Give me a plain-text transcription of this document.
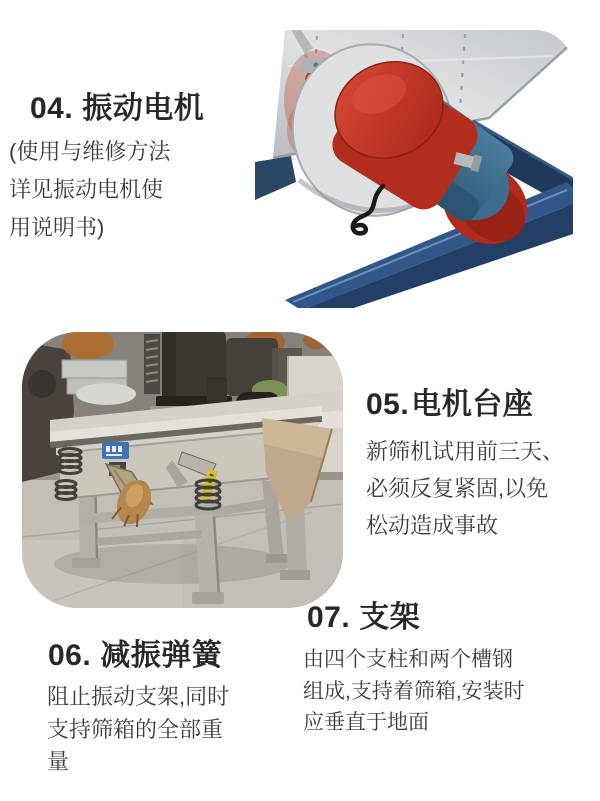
04. 振动电机
(使用与维修方法
详见振动电机使
用说明书)
05.电机台座
新筛机试用前三天、
必须反复紧固,以免
松动造成事故
06. 减振弹簧
阻止振动支架,同时
支持筛箱的全部重
量
07. 支架
由四个支柱和两个槽钢
组成,支持着筛箱,安装时
应垂直于地面
